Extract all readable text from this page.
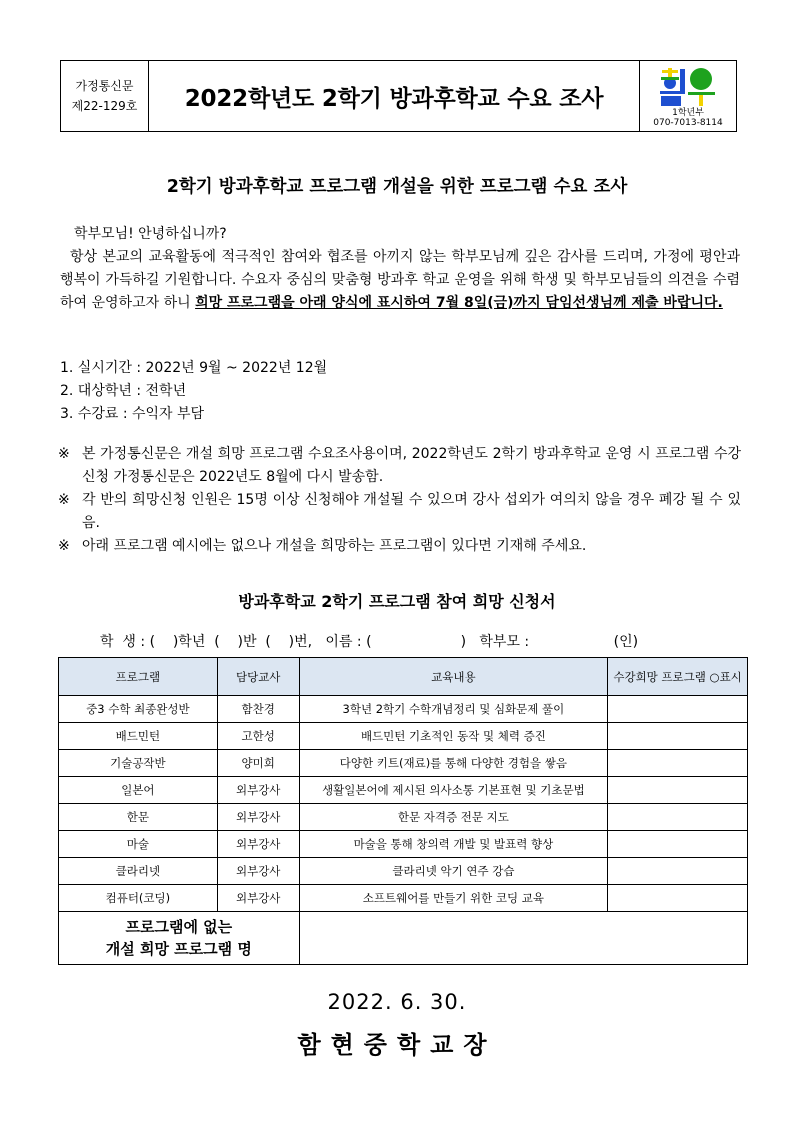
가정통신문
제22-129호	2022학년도 2학기 방과후학교 수요 조사
1학년부
070-7013-8114
2학기 방과후학교 프로그램 개설을 위한 프로그램 수요 조사
학부모님! 안녕하십니까?
항상 본교의 교육활동에 적극적인 참여와 협조를 아끼지 않는 학부모님께 깊은 감사를 드리며, 가정에 평안과 행복이 가득하길 기원합니다. 수요자 중심의 맞춤형 방과후 학교 운영을 위해 학생 및 학부모님들의 의견을 수렴하여 운영하고자 하니 희망 프로그램을 아래 양식에 표시하여 7월 8일(금)까지 담임선생님께 제출 바랍니다.
1. 실시기간 : 2022년 9월 ~ 2022년 12월
2. 대상학년 : 전학년
3. 수강료 : 수익자 부담
※ 본 가정통신문은 개설 희망 프로그램 수요조사용이며, 2022학년도 2학기 방과후학교 운영 시 프로그램 수강 신청 가정통신문은 2022년도 8월에 다시 발송함.
※ 각 반의 희망신청 인원은 15명 이상 신청해야 개설될 수 있으며 강사 섭외가 여의치 않을 경우 폐강 될 수 있음.
※ 아래 프로그램 예시에는 없으나 개설을 희망하는 프로그램이 있다면 기재해 주세요.
방과후학교 2학기 프로그램 참여 희망 신청서
학  생 : (    )학년  (    )반  (    )번,   이름 : (                    )   학부모 :                   (인)
프로그램	담당교사	교육내용	수강희망 프로그램 ○표시
중3 수학 최종완성반	함찬경	3학년 2학기 수학개념정리 및 심화문제 풀이	
배드민턴	고한성	배드민턴 기초적인 동작 및 체력 증진	
기술공작반	양미희	다양한 키트(재료)를 통해 다양한 경험을 쌓음	
일본어	외부강사	생활일본어에 제시된 의사소통 기본표현 및 기초문법	
한문	외부강사	한문 자격증 전문 지도	
마술	외부강사	마술을 통해 창의력 개발 및 발표력 향상	
클라리넷	외부강사	클라리넷 악기 연주 강습	
컴퓨터(코딩)	외부강사	소프트웨어를 만들기 위한 코딩 교육	

프로그램에 없는
개설 희망 프로그램 명			

2022. 6. 30.
함현중학교장
